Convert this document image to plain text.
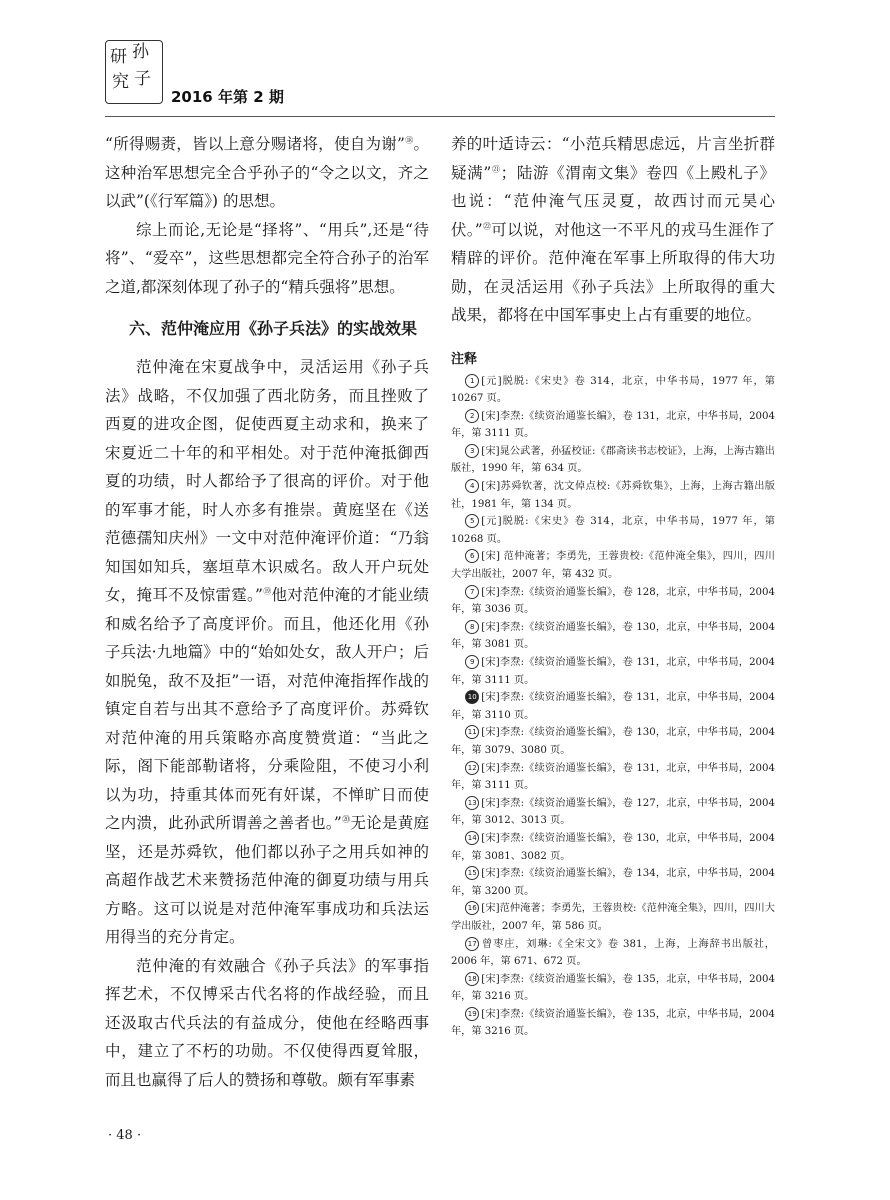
研 孙
究 子
2016 年第 2 期

“所得赐赉，皆以上意分赐诸将，使自为谢”⑱。这种治军思想完全合乎孙子的“令之以文，齐之以武”(《行军篇》) 的思想。

综上而论,无论是“择将”、“用兵”,还是“待将”、“爱卒”，这些思想都完全符合孙子的治军之道,都深刻体现了孙子的“精兵强将”思想。

六、范仲淹应用《孙子兵法》的实战效果

范仲淹在宋夏战争中，灵活运用《孙子兵法》战略，不仅加强了西北防务，而且挫败了西夏的进攻企图，促使西夏主动求和，换来了宋夏近二十年的和平相处。对于范仲淹抵御西夏的功绩，时人都给予了很高的评价。对于他的军事才能，时人亦多有推崇。黄庭坚在《送范德孺知庆州》一文中对范仲淹评价道：“乃翁知国如知兵，塞垣草木识威名。敌人开户玩处女，掩耳不及惊雷霆。”⑲他对范仲淹的才能业绩和威名给予了高度评价。而且，他还化用《孙子兵法·九地篇》中的“始如处女，敌人开户；后如脱兔，敌不及拒”一语，对范仲淹指挥作战的镇定自若与出其不意给予了高度评价。苏舜钦对范仲淹的用兵策略亦高度赞赏道：“当此之际，阁下能部勒诸将，分乘险阻，不使习小利以为功，持重其体而死有奸谋，不惮旷日而使之内溃，此孙武所谓善之善者也。”⑳无论是黄庭坚，还是苏舜钦，他们都以孙子之用兵如神的高超作战艺术来赞扬范仲淹的御夏功绩与用兵方略。这可以说是对范仲淹军事成功和兵法运用得当的充分肯定。

范仲淹的有效融合《孙子兵法》的军事指挥艺术，不仅博采古代名将的作战经验，而且还汲取古代兵法的有益成分，使他在经略西事中，建立了不朽的功勋。不仅使得西夏耸服，而且也赢得了后人的赞扬和尊敬。颇有军事素

养的叶适诗云：“小范兵精思虑远，片言坐折群疑满”$^㉑$；陆游《渭南文集》卷四《上殿札子》也说：“范仲淹气压灵夏，故西讨而元昊心伏。”$^㉒$可以说，对他这一不平凡的戎马生涯作了精辟的评价。范仲淹在军事上所取得的伟大功勋，在灵活运用《孙子兵法》上所取得的重大战果，都将在中国军事史上占有重要的地位。

注释

1 [元]脱脱:《宋史》卷 314，北京，中华书局，1977 年，第 10267 页。

2 [宋]李焘:《续资治通鉴长编》，卷 131，北京，中华书局，2004 年，第 3111 页。

3 [宋]晁公武著，孙猛校证:《郡斋读书志校证》，上海，上海古籍出版社，1990 年，第 634 页。

4 [宋]苏舜钦著，沈文倬点校:《苏舜钦集》，上海，上海古籍出版社，1981 年，第 134 页。

5 [元]脱脱:《宋史》卷 314，北京，中华书局，1977 年，第 10268 页。

6 [宋] 范仲淹著；李勇先，王蓉贵校:《范仲淹全集》，四川，四川大学出版社，2007 年，第 432 页。

7 [宋]李焘:《续资治通鉴长编》，卷 128，北京，中华书局，2004 年，第 3036 页。

8 [宋]李焘:《续资治通鉴长编》，卷 130，北京，中华书局，2004 年，第 3081 页。

9 [宋]李焘:《续资治通鉴长编》，卷 131，北京，中华书局，2004 年，第 3111 页。

10 [宋]李焘:《续资治通鉴长编》，卷 131，北京，中华书局，2004 年，第 3110 页。

11 [宋]李焘:《续资治通鉴长编》，卷 130，北京，中华书局，2004 年，第 3079、3080 页。

12 [宋]李焘:《续资治通鉴长编》，卷 131，北京，中华书局，2004 年，第 3111 页。

13 [宋]李焘:《续资治通鉴长编》，卷 127，北京，中华书局，2004 年，第 3012、3013 页。

14 [宋]李焘:《续资治通鉴长编》，卷 130，北京，中华书局，2004 年，第 3081、3082 页。

15 [宋]李焘:《续资治通鉴长编》，卷 134，北京，中华书局，2004 年，第 3200 页。

16 [宋]范仲淹著；李勇先，王蓉贵校:《范仲淹全集》，四川，四川大学出版社，2007 年，第 586 页。

17 曾枣庄，刘琳:《全宋文》卷 381，上海，上海辞书出版社，2006 年，第 671、672 页。

18 [宋]李焘:《续资治通鉴长编》，卷 135，北京，中华书局，2004 年，第 3216 页。

19 [宋]李焘:《续资治通鉴长编》，卷 135，北京，中华书局，2004 年，第 3216 页。

· 48 ·
